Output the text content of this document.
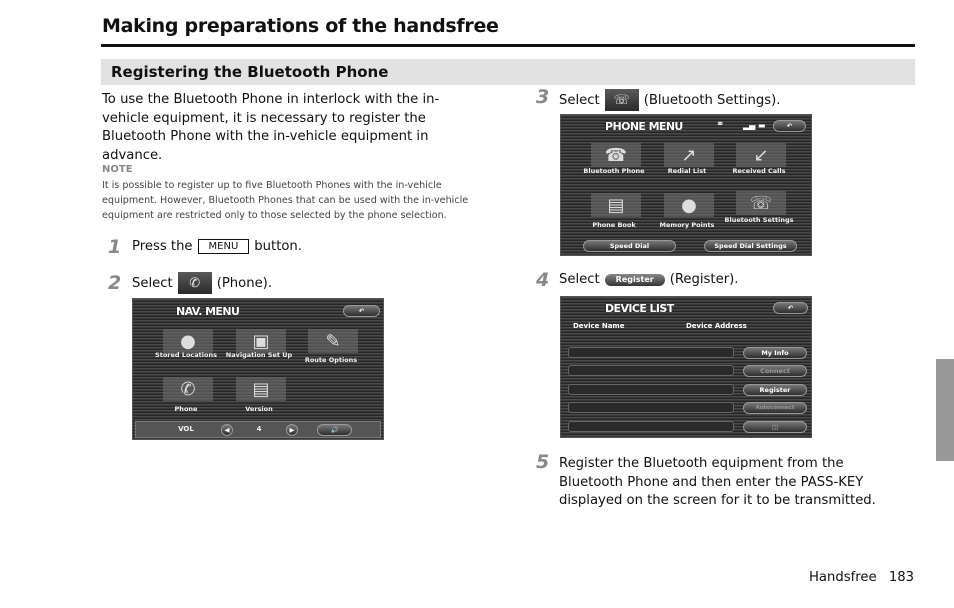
Making preparations of the handsfree
Registering the Bluetooth Phone
To use the Bluetooth Phone in interlock with the in-vehicle equipment, it is necessary to register the Bluetooth Phone with the in-vehicle equipment in advance.
NOTE
It is possible to register up to five Bluetooth Phones with the in-vehicle equipment. However, Bluetooth Phones that can be used with the in-vehicle equipment are restricted only to those selected by the phone selection.
1 Press the	MENU	button.
2 Select	✆	(Phone).
NAV. MENU	↶
●
Stored Locations
▣
Navigation Set Up
✎
Route Options
✆
Phone
▤
Version
VOL	◀	4	▶	🔊
3 Select	☏	(Bluetooth Settings).
PHONE MENU	⚭ ▂▄ ▬	↶
☎
Bluetooth Phone
↗
Redial List
↙
Received Calls
▤
Phone Book
●
Memory Points
☏
Bluetooth Settings
Speed Dial	Speed Dial Settings
4 Select	Register	(Register).
DEVICE LIST	↶
Device Name	Device Address
My Info
Connect
Register
Autoconnect
◫
5 Register the Bluetooth equipment from the Bluetooth Phone and then enter the PASS-KEY displayed on the screen for it to be transmitted.
Handsfree 183
